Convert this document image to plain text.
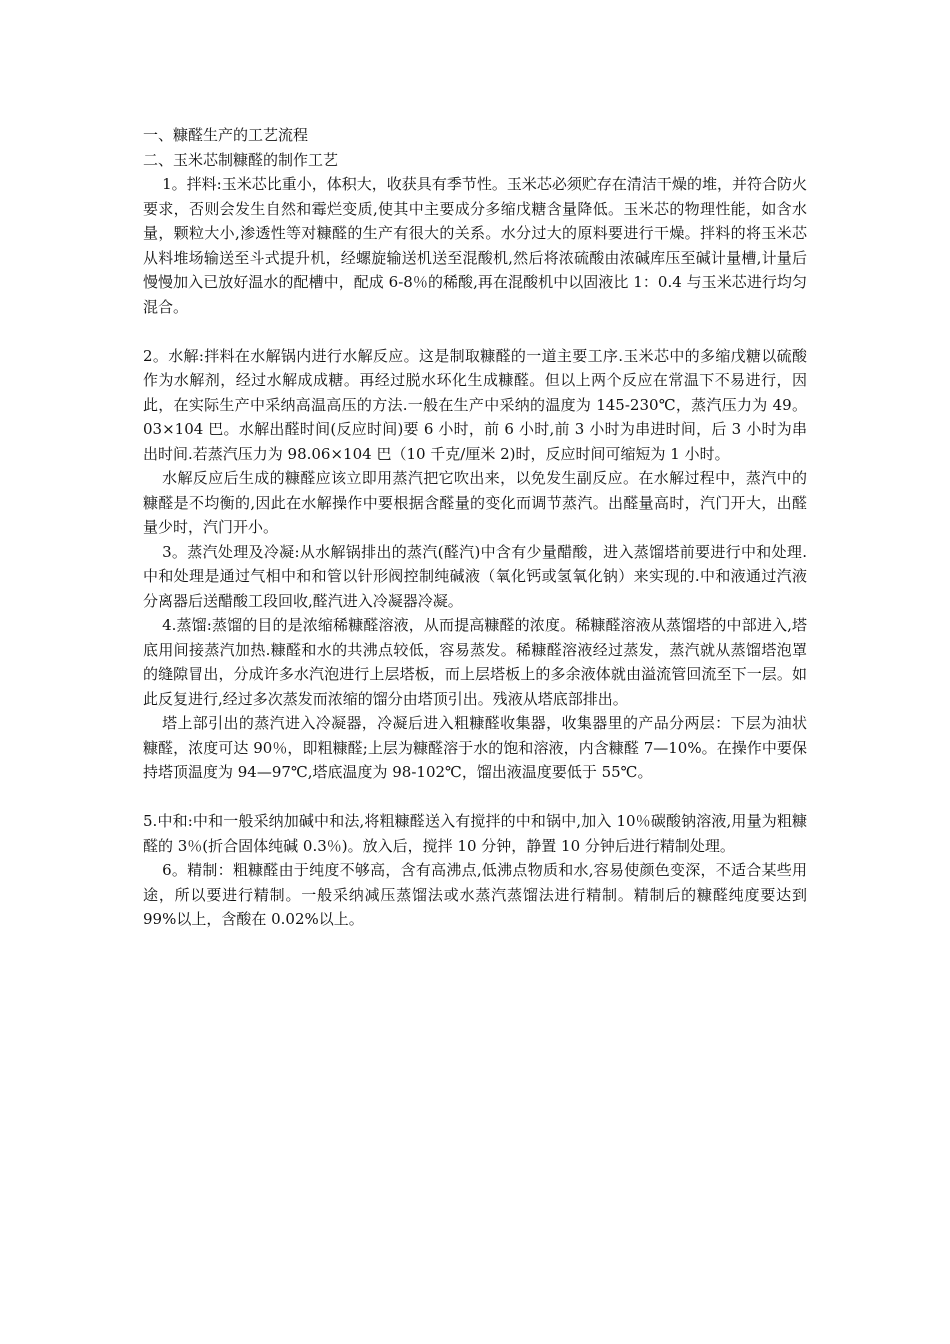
一、糠醛生产的工艺流程

二、玉米芯制糠醛的制作工艺

1。拌料:玉米芯比重小，体积大，收获具有季节性。玉米芯必须贮存在清洁干燥的堆，并符合防火要求，否则会发生自然和霉烂变质,使其中主要成分多缩戊糖含量降低。玉米芯的物理性能，如含水量，颗粒大小,渗透性等对糠醛的生产有很大的关系。水分过大的原料要进行干燥。拌料的将玉米芯从料堆场输送至斗式提升机，经螺旋输送机送至混酸机,然后将浓硫酸由浓碱库压至碱计量槽,计量后慢慢加入已放好温水的配槽中，配成 6-8％的稀酸,再在混酸机中以固液比 1：0.4 与玉米芯进行均匀混合。

2。水解:拌料在水解锅内进行水解反应。这是制取糠醛的一道主要工序.玉米芯中的多缩戊糖以硫酸作为水解剂，经过水解成成糖。再经过脱水环化生成糠醛。但以上两个反应在常温下不易进行，因此，在实际生产中采纳高温高压的方法.一般在生产中采纳的温度为 145-230℃，蒸汽压力为 49。03×104 巴。水解出醛时间(反应时间)要 6 小时，前 6 小时,前 3 小时为串进时间，后 3 小时为串出时间.若蒸汽压力为 98.06×104 巴（10 千克/厘米 2)时，反应时间可缩短为 1 小时。

水解反应后生成的糠醛应该立即用蒸汽把它吹出来，以免发生副反应。在水解过程中，蒸汽中的糠醛是不均衡的,因此在水解操作中要根据含醛量的变化而调节蒸汽。出醛量高时，汽门开大，出醛量少时，汽门开小。

3。蒸汽处理及冷凝:从水解锅排出的蒸汽(醛汽)中含有少量醋酸，进入蒸馏塔前要进行中和处理.中和处理是通过气相中和和管以针形阀控制纯碱液（氧化钙或氢氧化钠）来实现的.中和液通过汽液分离器后送醋酸工段回收,醛汽进入冷凝器冷凝。

4.蒸馏:蒸馏的目的是浓缩稀糠醛溶液，从而提高糠醛的浓度。稀糠醛溶液从蒸馏塔的中部进入,塔底用间接蒸汽加热.糠醛和水的共沸点较低，容易蒸发。稀糠醛溶液经过蒸发，蒸汽就从蒸馏塔泡罩的缝隙冒出，分成许多水汽泡进行上层塔板，而上层塔板上的多余液体就由溢流管回流至下一层。如此反复进行,经过多次蒸发而浓缩的馏分由塔顶引出。残液从塔底部排出。

塔上部引出的蒸汽进入冷凝器，冷凝后进入粗糠醛收集器，收集器里的产品分两层：下层为油状糠醛，浓度可达 90％，即粗糠醛;上层为糠醛溶于水的饱和溶液，内含糠醛 7—10%。在操作中要保持塔顶温度为 94—97℃,塔底温度为 98-102℃，馏出液温度要低于 55℃。

5.中和:中和一般采纳加碱中和法,将粗糠醛送入有搅拌的中和锅中,加入 10％碳酸钠溶液,用量为粗糠醛的 3％(折合固体纯碱 0.3％)。放入后，搅拌 10 分钟，静置 10 分钟后进行精制处理。

6。精制：粗糠醛由于纯度不够高，含有高沸点,低沸点物质和水,容易使颜色变深，不适合某些用途，所以要进行精制。一般采纳减压蒸馏法或水蒸汽蒸馏法进行精制。精制后的糠醛纯度要达到 99%以上，含酸在 0.02%以上。
